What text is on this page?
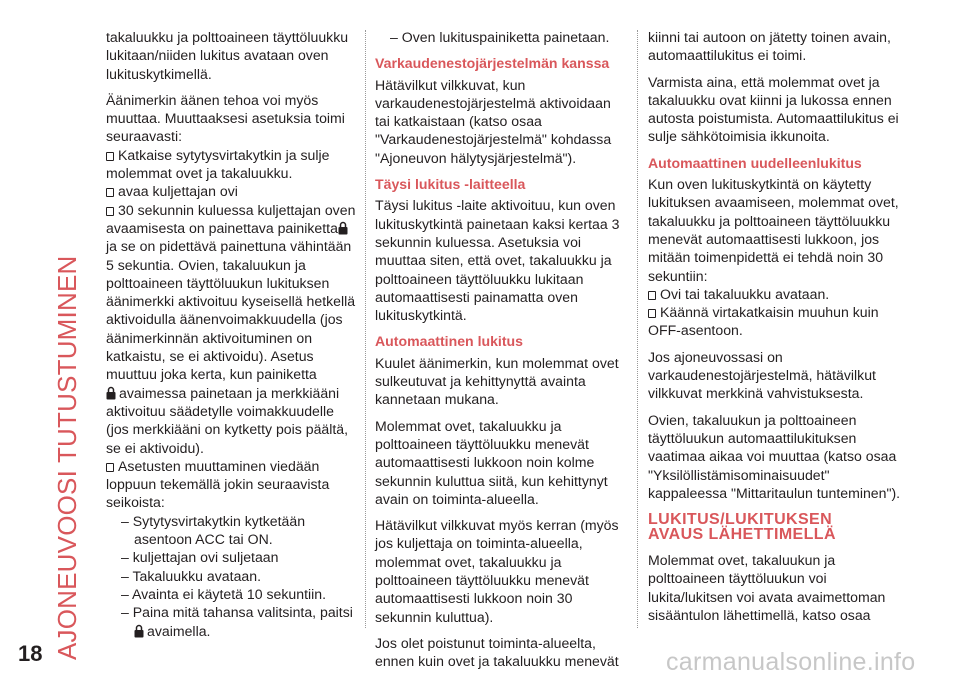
AJONEUVOOSI TUTUSTUMINEN
18	carmanualsonline.info

takaluukku ja polttoaineen täyttöluukku lukitaan/niiden lukitus avataan oven lukituskytkimellä.

Äänimerkin äänen tehoa voi myös muuttaa. Muuttaaksesi asetuksia toimi seuraavasti:

Katkaise sytytysvirtakytkin ja sulje molemmat ovet ja takaluukku.
avaa kuljettajan ovi
30 sekunnin kuluessa kuljettajan oven avaamisesta on painettava painikettaja se on pidettävä painettuna vähintään 5 sekuntia. Ovien, takaluukun ja polttoaineen täyttöluukun lukituksen äänimerkki aktivoituu kyseisellä hetkellä aktivoidulla äänenvoimakkuudella (jos äänimerkinnän aktivoituminen on katkaistu, se ei aktivoidu). Asetus muuttuu joka kerta, kun painiketta
avaimessa painetaan ja merkkiääni aktivoituu säädetylle voimakkuudelle (jos merkkiääni on kytketty pois päältä, se ei aktivoidu).
Asetusten muuttaminen viedään loppuun tekemällä jokin seuraavista seikoista:
– Sytytysvirtakytkin kytketään
asentoon ACC tai ON.
– kuljettajan ovi suljetaan
– Takaluukku avataan.
– Avainta ei käytetä 10 sekuntiin.
– Paina mitä tahansa valitsinta, paitsi
avaimella.

– Oven lukituspainiketta painetaan.

Varkaudenestojärjestelmän kanssa

Hätävilkut vilkkuvat, kun varkaudenestojärjestelmä aktivoidaan tai katkaistaan (katso osaa "Varkaudenestojärjestelmä" kohdassa "Ajoneuvon hälytysjärjestelmä").

Täysi lukitus -laitteella

Täysi lukitus -laite aktivoituu, kun oven lukituskytkintä painetaan kaksi kertaa 3 sekunnin kuluessa. Asetuksia voi muuttaa siten, että ovet, takaluukku ja polttoaineen täyttöluukku lukitaan automaattisesti painamatta oven lukituskytkintä.

Automaattinen lukitus

Kuulet äänimerkin, kun molemmat ovet sulkeutuvat ja kehittynyttä avainta kannetaan mukana.

Molemmat ovet, takaluukku ja polttoaineen täyttöluukku menevät automaattisesti lukkoon noin kolme sekunnin kuluttua siitä, kun kehittynyt avain on toiminta-alueella.

Hätävilkut vilkkuvat myös kerran (myös jos kuljettaja on toiminta-alueella, molemmat ovet, takaluukku ja polttoaineen täyttöluukku menevät automaattisesti lukkoon noin 30 sekunnin kuluttua).

Jos olet poistunut toiminta-alueelta, ennen kuin ovet ja takaluukku menevät

kiinni tai autoon on jätetty toinen avain, automaattilukitus ei toimi.

Varmista aina, että molemmat ovet ja takaluukku ovat kiinni ja lukossa ennen autosta poistumista. Automaattilukitus ei sulje sähkötoimisia ikkunoita.

Automaattinen uudelleenlukitus

Kun oven lukituskytkintä on käytetty lukituksen avaamiseen, molemmat ovet, takaluukku ja polttoaineen täyttöluukku menevät automaattisesti lukkoon, jos mitään toimenpidettä ei tehdä noin 30 sekuntiin:

Ovi tai takaluukku avataan.
Käännä virtakatkaisin muuhun kuin OFF-asentoon.

Jos ajoneuvossasi on varkaudenestojärjestelmä, hätävilkut vilkkuvat merkkinä vahvistuksesta.

Ovien, takaluukun ja polttoaineen täyttöluukun automaattilukituksen vaatimaa aikaa voi muuttaa (katso osaa "Yksilöllistämisominaisuudet" kappaleessa "Mittaritaulun tunteminen").

LUKITUS/LUKITUKSEN
AVAUS LÄHETTIMELLÄ

Molemmat ovet, takaluukun ja polttoaineen täyttöluukun voi lukita/lukitsen voi avata avaimettoman sisääntulon lähettimellä, katso osaa
